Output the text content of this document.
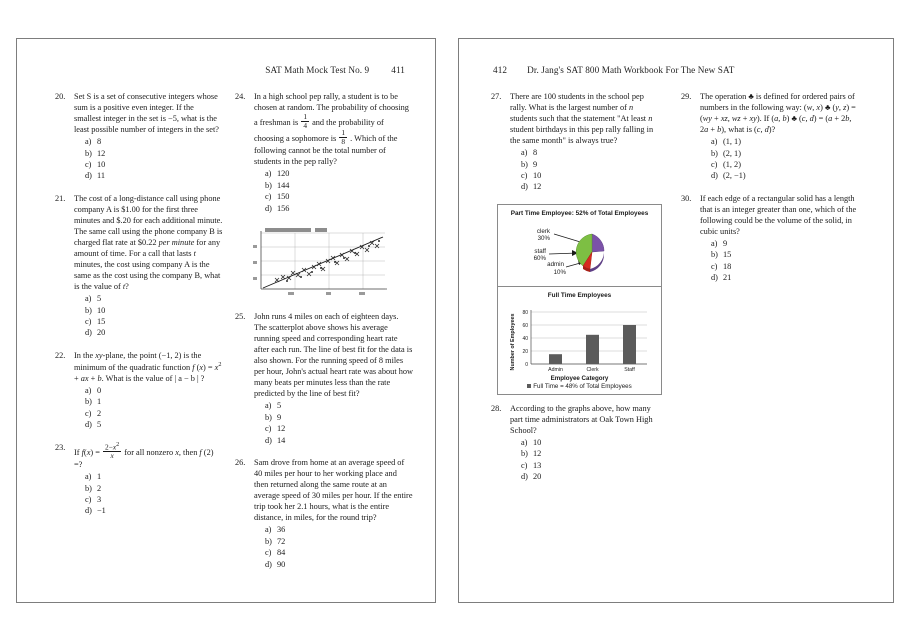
SAT Math Mock Test No. 9 411
20. Set S is a set of consecutive integers whose sum is a positive even integer. If the smallest integer in the set is −5, what is the least possible number of integers in the set?
a) 8
b) 12
c) 10
d) 11
21. The cost of a long-distance call using phone company A is $1.00 for the first three minutes and $.20 for each additional minute. The same call using the phone company B is charged flat rate at $0.22 per minute for any amount of time. For a call that lasts t minutes, the cost using company A is the same as the cost using the company B, what is the value of t?
a) 5
b) 10
c) 15
d) 20
22. In the xy-plane, the point (−1, 2) is the minimum of the quadratic function f $(x) = x^2$ + ax + b. What is the value of | a − b | ?
a) 0
b) 1
c) 2
d) 5
23.
If $f(x) = \frac{2-x^2}{x}$ for all nonzero x, then f (2) =?
a) 1
b) 2
c) 3
d) −1
24. In a high school pep rally, a student is to be chosen at random. The probability of choosing a freshman is $\frac{1}{4}$ and the probability of choosing a sophomore is $\frac{1}{8}$ . Which of the following cannot be the total number of students in the pep rally?
a) 120
b) 144
c) 150
d) 156
25. John runs 4 miles on each of eighteen days. The scatterplot above shows his average running speed and corresponding heart rate after each run. The line of best fit for the data is also shown. For the running speed of 8 miles per hour, John's actual heart rate was about how many beats per minutes less than the rate predicted by the line of best fit?
a) 5
b) 9
c) 12
d) 14
26. Sam drove from home at an average speed of 40 miles per hour to her working place and then returned along the same route at an average speed of 30 miles per hour. If the entire trip took her 2.1 hours, what is the entire distance, in miles, for the round trip?
a) 36
b) 72
c) 84
d) 90
412 Dr. Jang's SAT 800 Math Workbook For The New SAT
27. There are 100 students in the school pep rally. What is the largest number of n students such that the statement "At least n student birthdays in this pep rally falling in the same month" is always true?
a) 8
b) 9
c) 10
d) 12
Part Time Employee: 52% of Total Employees
clerk
30%
staff
60%
admin
10%
Full Time Employees
Number of Employees 0
20
40
60
80
Admin	Clerk	Staff
Employee Category
Full Time = 48% of Total Employees
28. According to the graphs above, how many part time administrators at Oak Town High School?
a) 10
b) 12
c) 13
d) 20
29. The operation ♣ is defined for ordered pairs of numbers in the following way: (w, x) ♣ (y, z) = (wy + xz, wz + xy). If (a, b) ♣ (c, d) = (a + 2b, 2a + b), what is (c, d)?
a) (1, 1)
b) (2, 1)
c) (1, 2)
d) (2, −1)
30. If each edge of a rectangular solid has a length that is an integer greater than one, which of the following could be the volume of the solid, in cubic units?
a) 9
b) 15
c) 18
d) 21
